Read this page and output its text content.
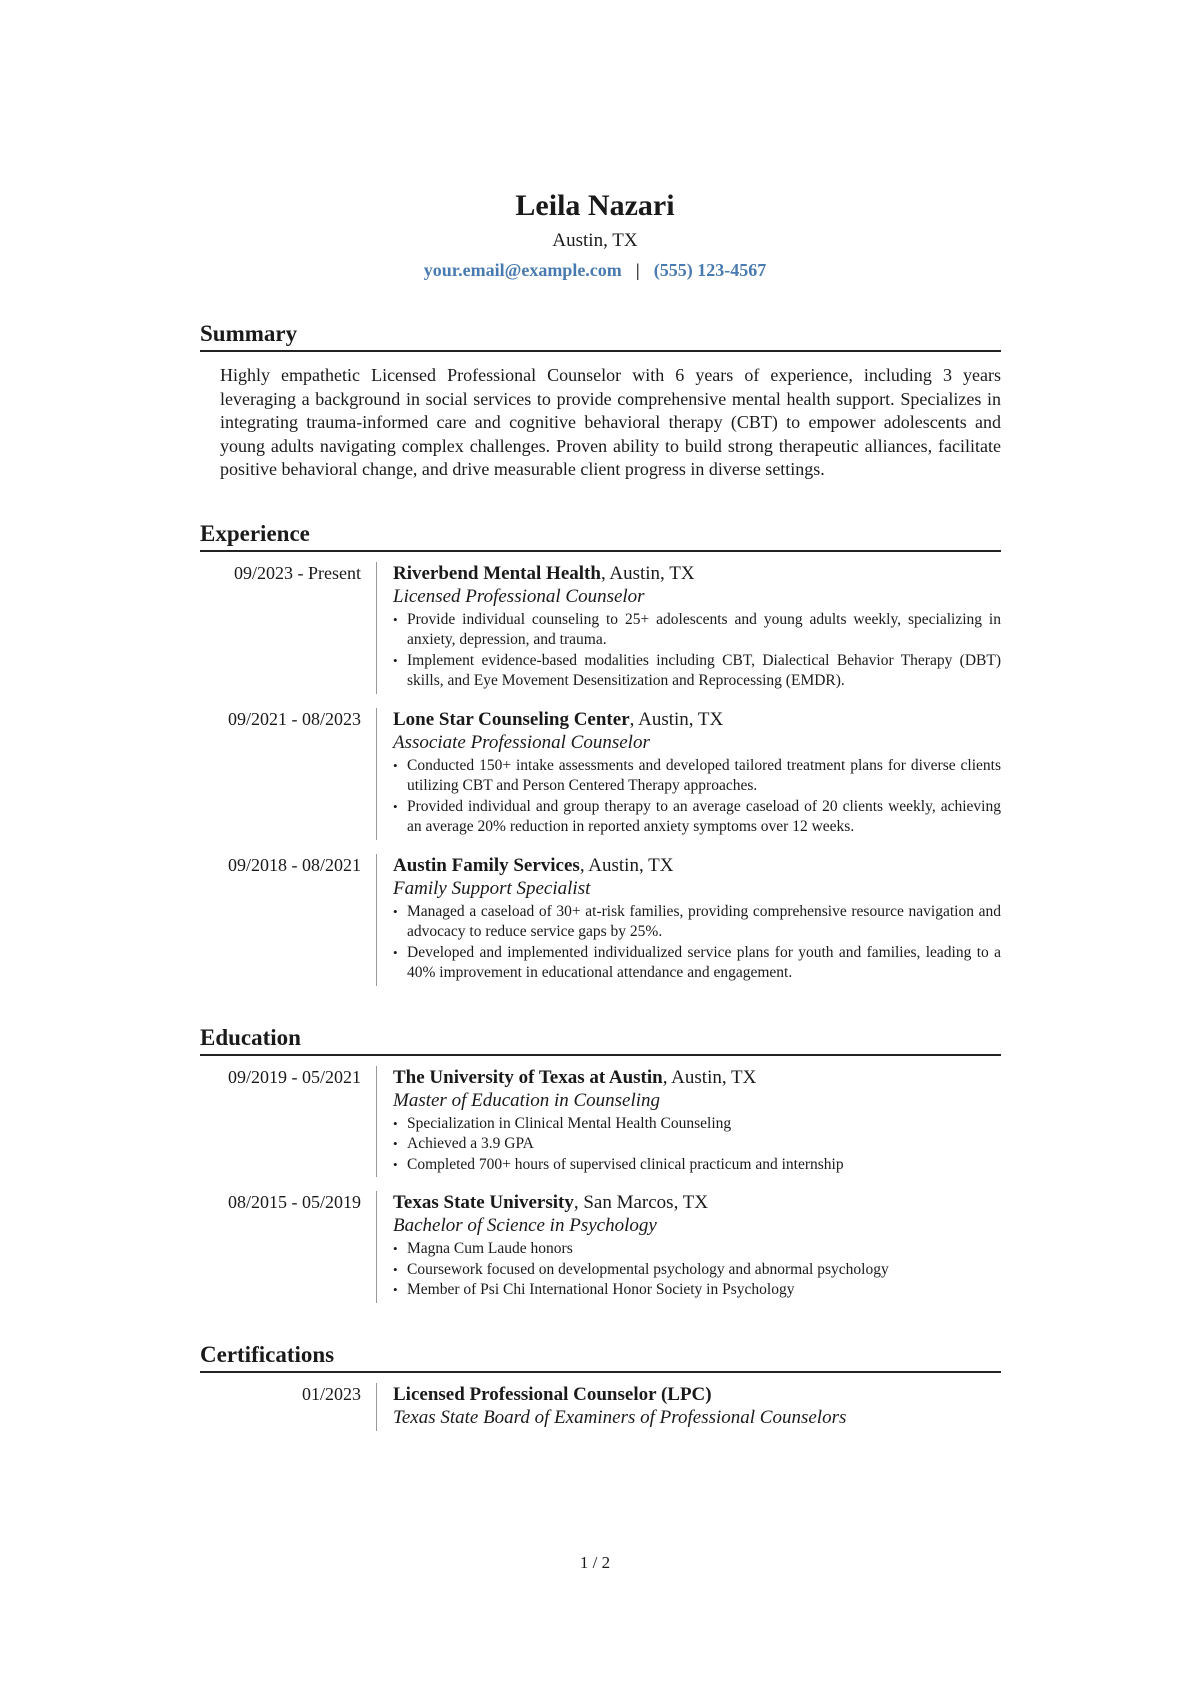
Leila Nazari
Austin, TX
your.email@example.com | (555) 123-4567
Summary
Highly empathetic Licensed Professional Counselor with 6 years of experience, including 3 years leveraging a background in social services to provide comprehensive mental health support. Specializes in integrating trauma-informed care and cognitive behavioral therapy (CBT) to empower adolescents and young adults navigating complex challenges. Proven ability to build strong therapeutic alliances, facilitate positive behavioral change, and drive measurable client progress in diverse settings.
Experience
09/2023 - Present	Riverbend Mental Health, Austin, TX
Licensed Professional Counselor
• Provide individual counseling to 25+ adolescents and young adults weekly, specializing in anxiety, depression, and trauma.
• Implement evidence-based modalities including CBT, Dialectical Behavior Therapy (DBT) skills, and Eye Movement Desensitization and Reprocessing (EMDR).
09/2021 - 08/2023	Lone Star Counseling Center, Austin, TX
Associate Professional Counselor
• Conducted 150+ intake assessments and developed tailored treatment plans for diverse clients utilizing CBT and Person Centered Therapy approaches.
• Provided individual and group therapy to an average caseload of 20 clients weekly, achieving an average 20% reduction in reported anxiety symptoms over 12 weeks.
09/2018 - 08/2021	Austin Family Services, Austin, TX
Family Support Specialist
• Managed a caseload of 30+ at-risk families, providing comprehensive resource navigation and advocacy to reduce service gaps by 25%.
• Developed and implemented individualized service plans for youth and families, leading to a 40% improvement in educational attendance and engagement.
Education
09/2019 - 05/2021	The University of Texas at Austin, Austin, TX
Master of Education in Counseling
• Specialization in Clinical Mental Health Counseling
• Achieved a 3.9 GPA
• Completed 700+ hours of supervised clinical practicum and internship
08/2015 - 05/2019	Texas State University, San Marcos, TX
Bachelor of Science in Psychology
• Magna Cum Laude honors
• Coursework focused on developmental psychology and abnormal psychology
• Member of Psi Chi International Honor Society in Psychology
Certifications
01/2023	Licensed Professional Counselor (LPC)
Texas State Board of Examiners of Professional Counselors
1 / 2
